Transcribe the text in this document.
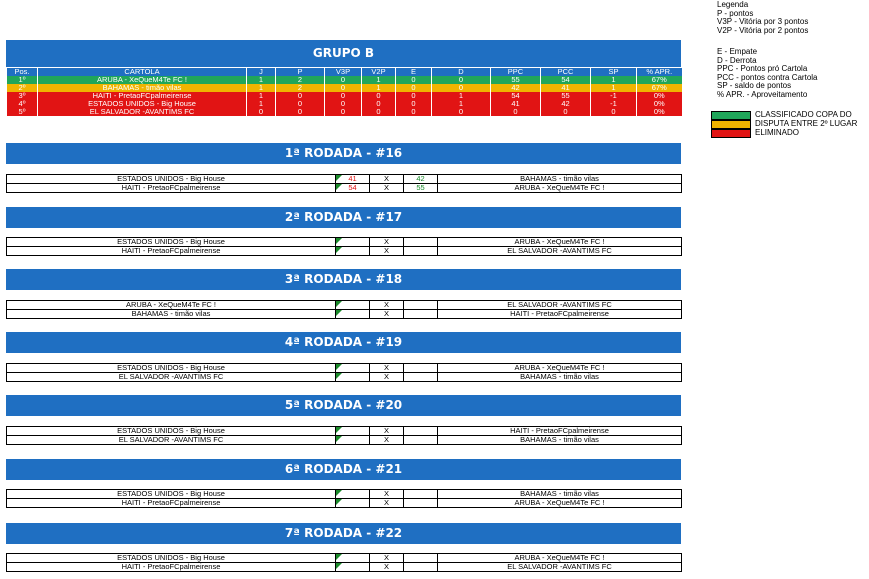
GRUPO B
Pos.	CARTOLA	J	P	V3P	V2P	E	D	PPC	PCC	SP	% APR.
1º	ARUBA - XeQueM4Te FC !	1	2	0	1	0	0	55	54	1	67%
2º	BAHAMAS - timão vilas	1	2	0	1	0	0	42	41	1	67%
3º	HAITI - PretaoFCpalmeirense	1	0	0	0	0	1	54	55	-1	0%
4º	ESTADOS UNIDOS - Big House	1	0	0	0	0	1	41	42	-1	0%
5º	EL SALVADOR -AVANTIMS FC	0	0	0	0	0	0	0	0	0	0%
1ª RODADA - #16
ESTADOS UNIDOS - Big House	41	X	42	BAHAMAS - timão vilas
HAITI - PretaoFCpalmeirense	54	X	55	ARUBA - XeQueM4Te FC !
2ª RODADA - #17
ESTADOS UNIDOS - Big House		X		ARUBA - XeQueM4Te FC !
HAITI - PretaoFCpalmeirense		X		EL SALVADOR -AVANTIMS FC
3ª RODADA - #18
ARUBA - XeQueM4Te FC !		X		EL SALVADOR -AVANTIMS FC
BAHAMAS - timão vilas		X		HAITI - PretaoFCpalmeirense
4ª RODADA - #19
ESTADOS UNIDOS - Big House		X		ARUBA - XeQueM4Te FC !
EL SALVADOR -AVANTIMS FC		X		BAHAMAS - timão vilas
5ª RODADA - #20
ESTADOS UNIDOS - Big House		X		HAITI - PretaoFCpalmeirense
EL SALVADOR -AVANTIMS FC		X		BAHAMAS - timão vilas
6ª RODADA - #21
ESTADOS UNIDOS - Big House		X		BAHAMAS - timão vilas
HAITI - PretaoFCpalmeirense		X		ARUBA - XeQueM4Te FC !
7ª RODADA - #22
ESTADOS UNIDOS - Big House		X		ARUBA - XeQueM4Te FC !
HAITI - PretaoFCpalmeirense		X		EL SALVADOR -AVANTIMS FC
Legenda
P - pontos
V3P - Vitória por 3 pontos
V2P - Vitória por 2 pontos
E - Empate
D - Derrota
PPC - Pontos pró Cartola
PCC - pontos contra Cartola
SP - saldo de pontos
% APR. - Aproveitamento
CLASSIFICADO COPA DO
DISPUTA ENTRE 2º LUGAR
ELIMINADO
